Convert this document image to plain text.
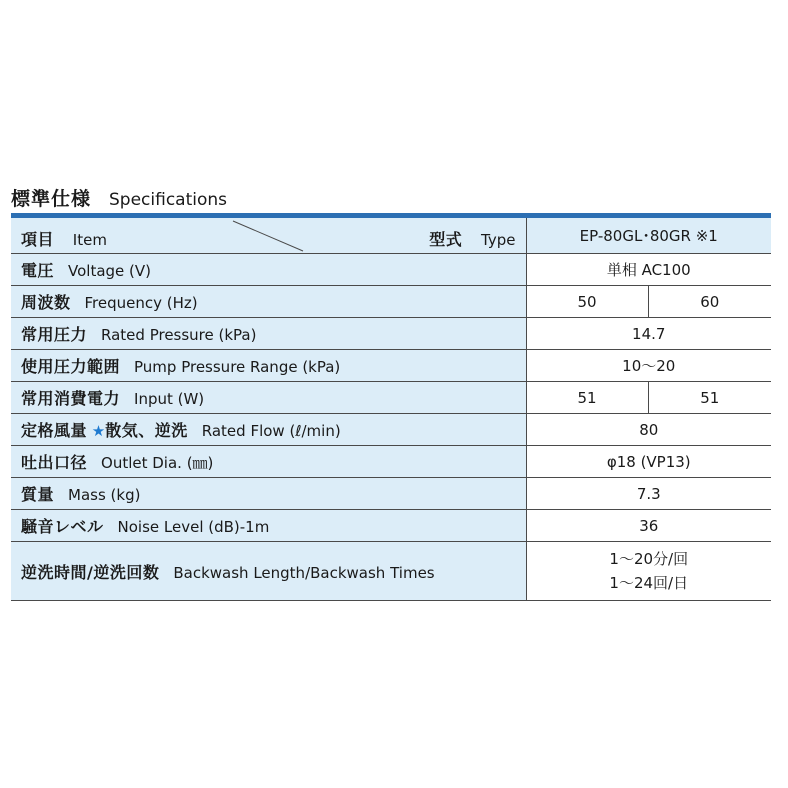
標準仕様 Specifications
項目 Item 型式 Type	EP-80GL･80GR ※1	
電圧 Voltage (V)	単相 AC100	
周波数 Frequency (Hz)	50	60
常用圧力 Rated Pressure (kPa)	14.7	
使用圧力範囲 Pump Pressure Range (kPa)	10～20	
常用消費電力 Input (W)	51	51
定格風量 ★散気、逆洗 Rated Flow (ℓ/min)	80	
吐出口径 Outlet Dia. (㎜)	φ18 (VP13)	
質量 Mass (kg)	7.3	
騒音レベル Noise Level (dB)-1m	36	
逆洗時間/逆洗回数 Backwash Length/Backwash Times	1～20分/回
1～24回/日	
